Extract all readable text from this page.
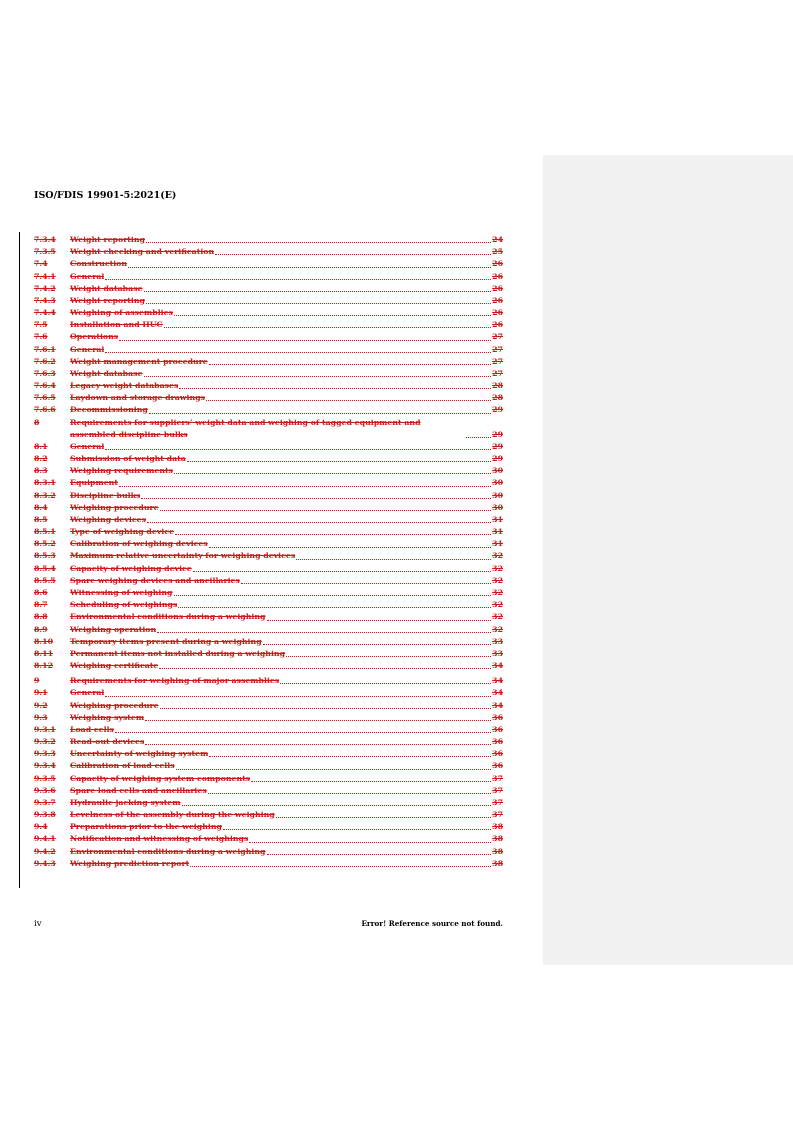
ISO/FDIS 19901-5:2021(E)
7.3.4	Weight reporting	24
7.3.5	Weight checking and verification	25
7.4	Construction	26
7.4.1	General	26
7.4.2	Weight database	26
7.4.3	Weight reporting	26
7.4.4	Weighing of assemblies	26
7.5	Installation and HUC	26
7.6	Operations	27
7.6.1	General	27
7.6.2	Weight management procedure	27
7.6.3	Weight database	27
7.6.4	Legacy weight databases	28
7.6.5	Laydown and storage drawings	28
7.6.6	Decommissioning	29
8	Requirements for suppliers’ weight data and weighing of tagged equipment and assembled discipline bulks	29
8.1	General	29
8.2	Submission of weight data	29
8.3	Weighing requirements	30
8.3.1	Equipment	30
8.3.2	Discipline bulks	30
8.4	Weighing procedure	30
8.5	Weighing devices	31
8.5.1	Type of weighing device	31
8.5.2	Calibration of weighing devices	31
8.5.3	Maximum relative uncertainty for weighing devices	32
8.5.4	Capacity of weighing device	32
8.5.5	Spare weighing devices and ancillaries	32
8.6	Witnessing of weighing	32
8.7	Scheduling of weighings	32
8.8	Environmental conditions during a weighing	32
8.9	Weighing operation	32
8.10	Temporary items present during a weighing	33
8.11	Permanent items not installed during a weighing	33
8.12	Weighing certificate	34
9	Requirements for weighing of major assemblies	34
9.1	General	34
9.2	Weighing procedure	34
9.3	Weighing system	36
9.3.1	Load cells	36
9.3.2	Read-out devices	36
9.3.3	Uncertainty of weighing system	36
9.3.4	Calibration of load cells	36
9.3.5	Capacity of weighing system components	37
9.3.6	Spare load cells and ancillaries	37
9.3.7	Hydraulic jacking system	37
9.3.8	Levelness of the assembly during the weighing	37
9.4	Preparations prior to the weighing	38
9.4.1	Notification and witnessing of weighings	38
9.4.2	Environmental conditions during a weighing	38
9.4.3	Weighing prediction report	38
iv	Error! Reference source not found.
